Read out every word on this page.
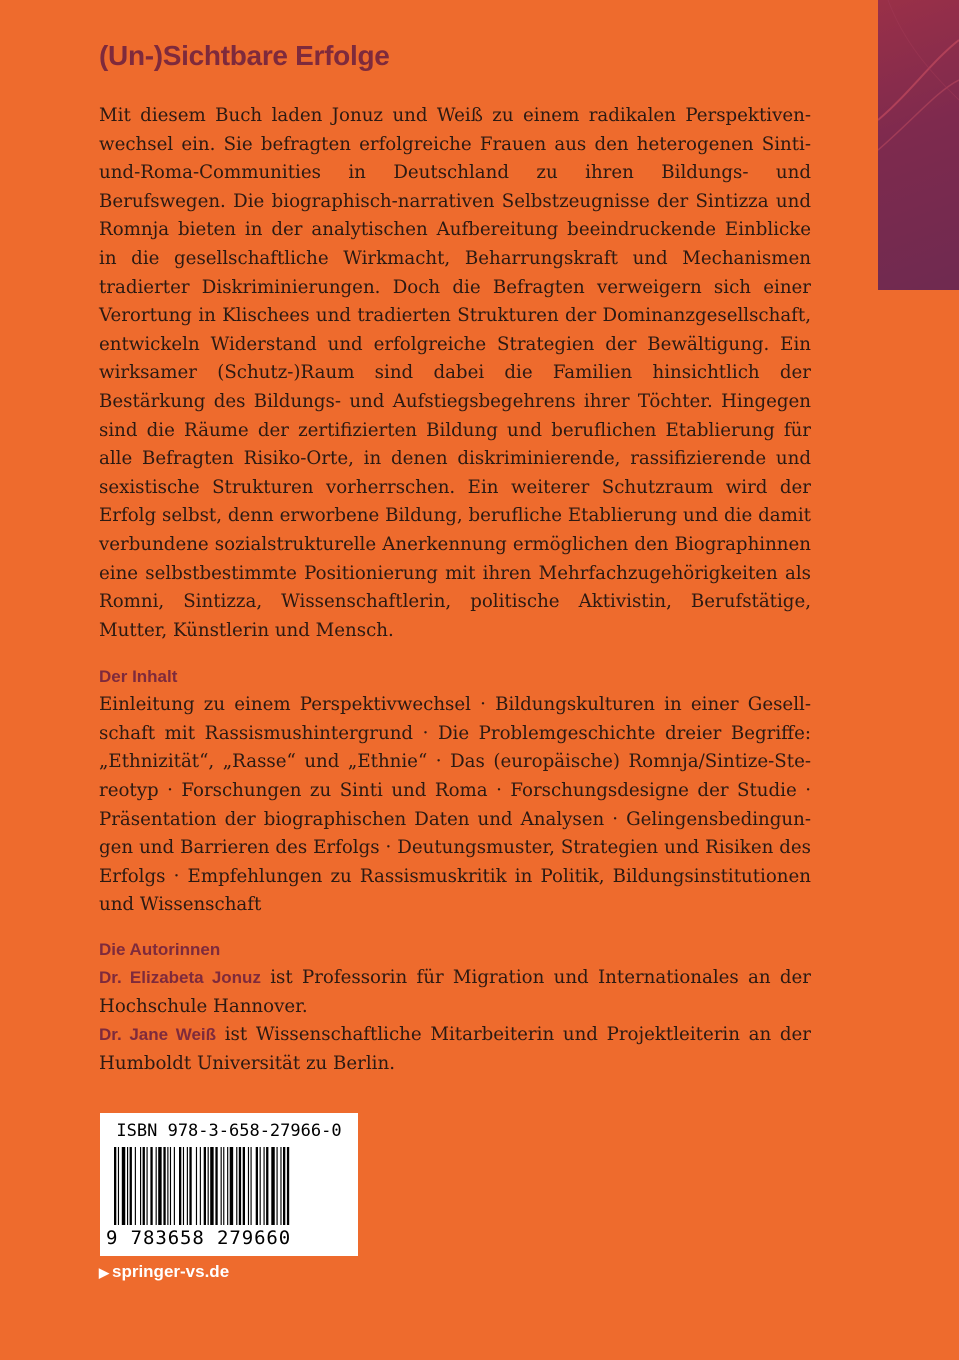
(Un-)Sichtbare Erfolge

Mit diesem Buch laden Jonuz und Weiß zu einem radikalen Perspektivenwechsel ein. Sie befragten erfolgreiche Frauen aus den heterogenen Sinti-und-Roma-Communities in Deutschland zu ihren Bildungs- und Berufswegen. Die biographisch-narrativen Selbstzeugnisse der Sintizza und Romnja bieten in der analytischen Aufbereitung beeindruckende Einblicke in die gesellschaftliche Wirkmacht, Beharrungskraft und Mechanismen tradierter Diskriminierungen. Doch die Befragten verweigern sich einer Verortung in Klischees und tradierten Strukturen der Dominanzgesellschaft, entwickeln Widerstand und erfolgreiche Strategien der Bewältigung. Ein wirksamer (Schutz-)Raum sind dabei die Familien hinsichtlich der Bestärkung des Bildungs- und Aufstiegsbegehrens ihrer Töchter. Hingegen sind die Räume der zertifizierten Bildung und beruflichen Etablierung für alle Befragten Risiko-Orte, in denen diskriminierende, rassifizierende und sexistische Strukturen vorherrschen. Ein weiterer Schutzraum wird der Erfolg selbst, denn erworbene Bildung, berufliche Etablierung und die damit verbundene sozialstrukturelle Anerkennung ermöglichen den Biographinnen eine selbstbestimmte Positionierung mit ihren Mehrfachzugehörigkeiten als Romni, Sintizza, Wissenschaftlerin, politische Aktivistin, Berufstätige, Mutter, Künstlerin und Mensch.

Der Inhalt

Einleitung zu einem Perspektivwechsel · Bildungskulturen in einer Gesellschaft mit Rassismushintergrund · Die Problemgeschichte dreier Begriffe: „Ethnizität“, „Rasse“ und „Ethnie“ · Das (europäische) Romnja/Sintize-Stereotyp · Forschungen zu Sinti und Roma · Forschungsdesigne der Studie · Präsentation der biographischen Daten und Analysen · Gelingensbedingungen und Barrieren des Erfolgs · Deutungsmuster, Strategien und Risiken des Erfolgs · Empfehlungen zu Rassismuskritik in Politik, Bildungsinstitutionen und Wissenschaft

Die Autorinnen

Dr. Elizabeta Jonuz ist Professorin für Migration und Internationales an der Hochschule Hannover.

Dr. Jane Weiß ist Wissenschaftliche Mitarbeiterin und Projektleiterin an der Humboldt Universität zu Berlin.

ISBN 978-3-658-27966-0
9 783658 279660
▶ springer-vs.de
